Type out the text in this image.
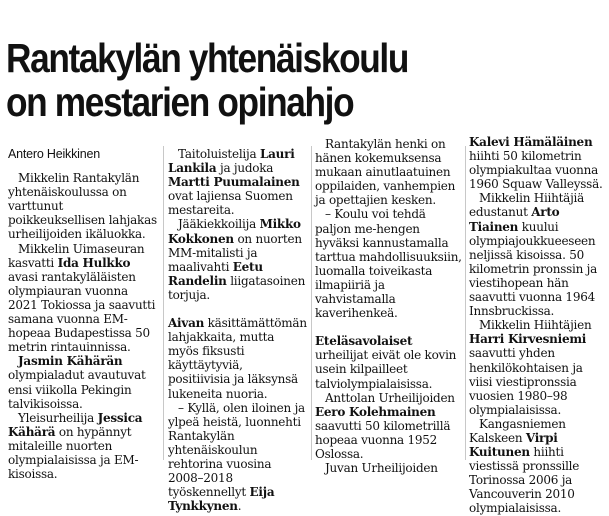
Rantakylän yhtenäiskoulu
on mestarien opinahjo

Antero Heikkinen

Mikkelin Rantakylän yhtenäiskoulussa on varttunut poikkeuksellisen lahjakas urheilijoiden ikäluokka.

Mikkelin Uimaseuran kasvatti Ida Hulkko avasi rantakyläläisten olympiauran vuonna 2021 Tokiossa ja saavutti samana vuonna EM-hopeaa Budapestissa 50 metrin rintauinnissa.

Jasmin Kähärän olympialadut avautuvat ensi viikolla Pekingin talvikisoissa.

Yleisurheilija Jessica Kähärä on hypännyt mitaleille nuorten olympialaisissa ja EM-kisoissa.

Taitoluistelija Lauri Lankila ja judoka Martti Puumalainen ovat lajiensa Suomen mestareita.

Jääkiekkoilija Mikko Kokkonen on nuorten MM-mitalisti ja maalivahti Eetu Randelin liigatasoinen torjuja.

Aivan käsittämättömän lahjakkaita, mutta myös fiksusti käyttäytyviä, positiivisia ja läksynsä lukeneita nuoria.

– Kyllä, olen iloinen ja ylpeä heistä, luonnehti Rantakylän yhtenäiskoulun rehtorina vuosina 2008–2018 työskennellyt Eija Tynkkynen.

Rantakylän henki on hänen kokemuksensa mukaan ainutlaatuinen oppilaiden, vanhempien ja opettajien kesken.

– Koulu voi tehdä paljon me-hengen hyväksi kannustamalla tarttua mahdollisuuksiin, luomalla toiveikasta ilmapiiriä ja vahvistamalla kaverihenkeä.

Eteläsavolaiset urheilijat eivät ole kovin usein kilpailleet talviolympialaisissa.

Anttolan Urheilijoiden Eero Kolehmainen saavutti 50 kilometrillä hopeaa vuonna 1952 Oslossa.

Juvan Urheilijoiden

Kalevi Hämäläinen hiihti 50 kilometrin olympiakultaa vuonna 1960 Squaw Valleyssä.

Mikkelin Hiihtäjiä edustanut Arto Tiainen kuului olympiajoukkueeseen neljissä kisoissa. 50 kilometrin pronssin ja viestihopean hän saavutti vuonna 1964 Innsbruckissa.

Mikkelin Hiihtäjien Harri Kirvesniemi saavutti yhden henkilökohtaisen ja viisi viestipronssia vuosien 1980–98 olympialaisissa.

Kangasniemen Kalskeen Virpi Kuitunen hiihti viestissä pronssille Torinossa 2006 ja Vancouverin 2010 olympialaisissa.
